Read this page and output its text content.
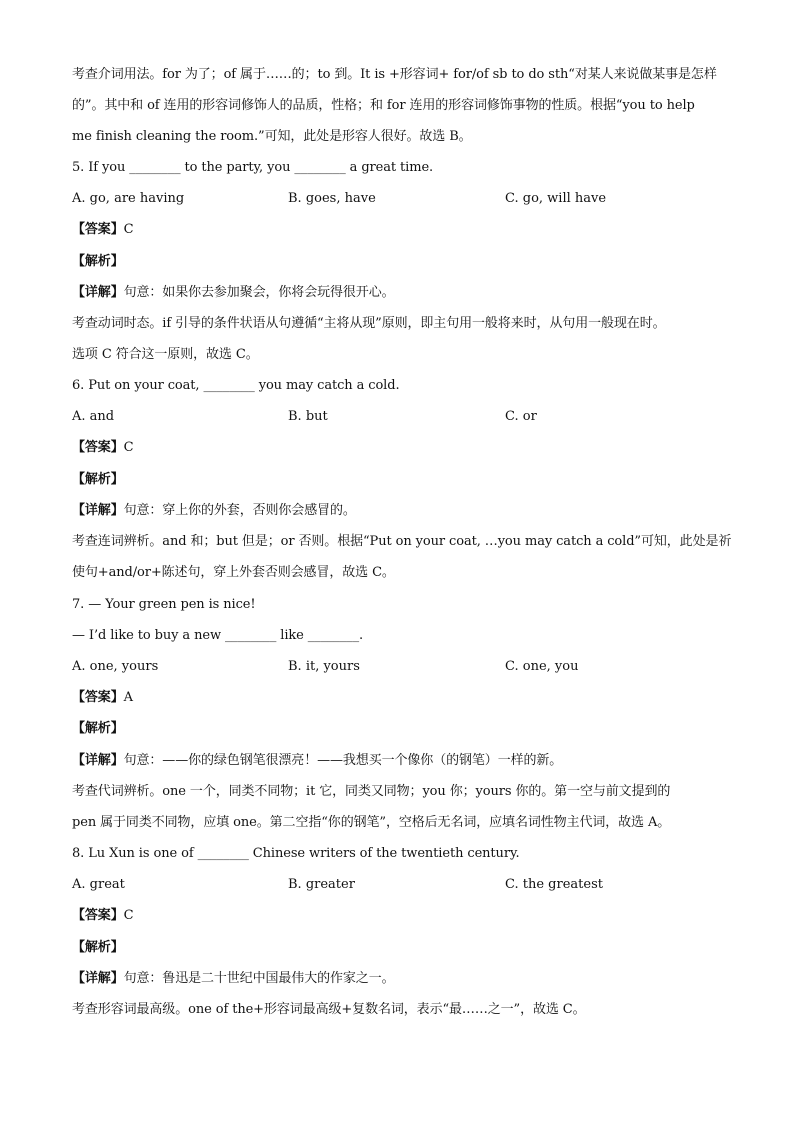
考查介词用法。for 为了；of 属于……的；to 到。It is +形容词+ for/of sb to do sth“对某人来说做某事是怎样
的”。其中和 of 连用的形容词修饰人的品质，性格；和 for 连用的形容词修饰事物的性质。根据“you to help
me finish cleaning the room.”可知，此处是形容人很好。故选 B。
5. If you ________ to the party, you ________ a great time.
A. go, are having	B. goes, have	C. go, will have
【答案】C
【解析】
【详解】句意：如果你去参加聚会，你将会玩得很开心。
考查动词时态。if 引导的条件状语从句遵循“主将从现”原则，即主句用一般将来时，从句用一般现在时。
选项 C 符合这一原则，故选 C。
6. Put on your coat, ________ you may catch a cold.
A. and	B. but	C. or
【答案】C
【解析】
【详解】句意：穿上你的外套，否则你会感冒的。
考查连词辨析。and 和；but 但是；or 否则。根据“Put on your coat, …you may catch a cold”可知，此处是祈
使句+and/or+陈述句，穿上外套否则会感冒，故选 C。
7. — Your green pen is nice!
— I’d like to buy a new ________ like ________.
A. one, yours	B. it, yours	C. one, you
【答案】A
【解析】
【详解】句意：——你的绿色钢笔很漂亮！——我想买一个像你（的钢笔）一样的新。
考查代词辨析。one 一个，同类不同物；it 它，同类又同物；you 你；yours 你的。第一空与前文提到的
pen 属于同类不同物，应填 one。第二空指“你的钢笔”，空格后无名词，应填名词性物主代词，故选 A。
8. Lu Xun is one of ________ Chinese writers of the twentieth century.
A. great	B. greater	C. the greatest
【答案】C
【解析】
【详解】句意：鲁迅是二十世纪中国最伟大的作家之一。
考查形容词最高级。one of the+形容词最高级+复数名词，表示“最……之一”，故选 C。
